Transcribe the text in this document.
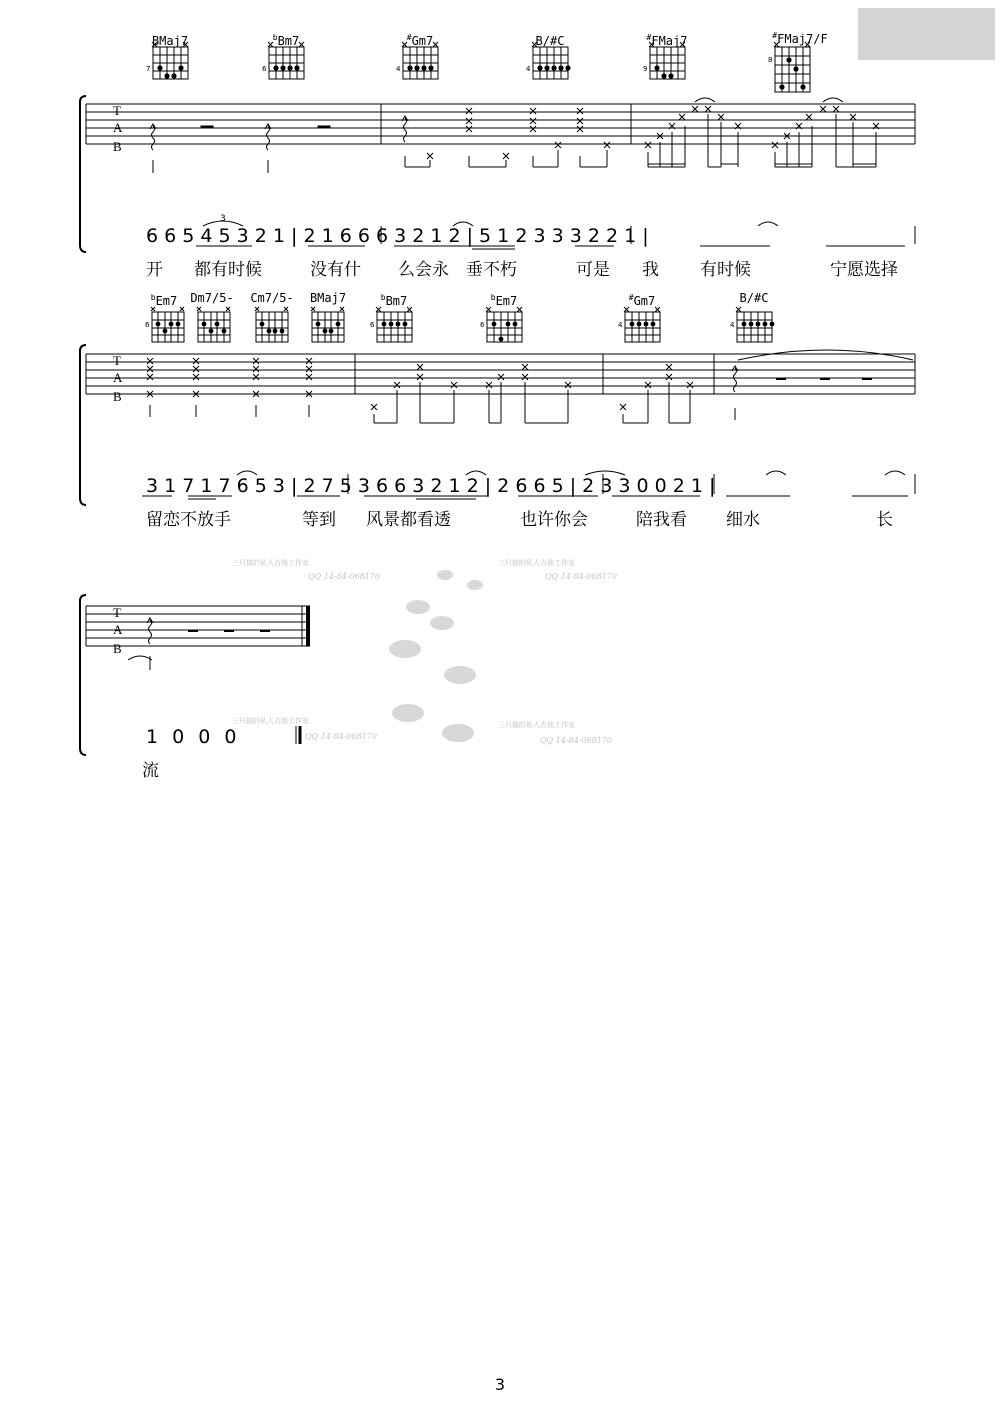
BMaj7	$^b$Bm7	#Gm7	B/#C	#FMaj7	#FMaj7/F
7	6	4	4	9
8
T
A
B
3
6 6 5 4 5 3 2 1 | 2 1 6 6 6 3 2 1 2 | 5 1 2 3 3 3 2 2 1 |
开 都有时候	没有什 么会永 垂不朽	可是 我 有时候	宁愿选择
$^b$Em7	Dm7/5-	Cm7/5-	BMaj7	$^b$Bm7	$^b$Em7	#Gm7	B/#C
6	6	6	4	4
T
A
B
3 1 7 1 7 6 5 3 | 2 7 5 3 6 6 3 2 1 2 | 2 6 6 5 | 2 3 3 0 0 2 1 |
留恋不放手	等到 风景都看透	也许你会	陪我看 细水	长
T
A
B
1 0 0 0
流
三只猫的私人吉他工作室
QQ 14-84-068170
三只猫的私人吉他工作室
QQ 14-84-068170
三只猫的私人吉他工作室
QQ 14-84-068170
三只猫的私人吉他工作室
QQ 14-84-068170
3
